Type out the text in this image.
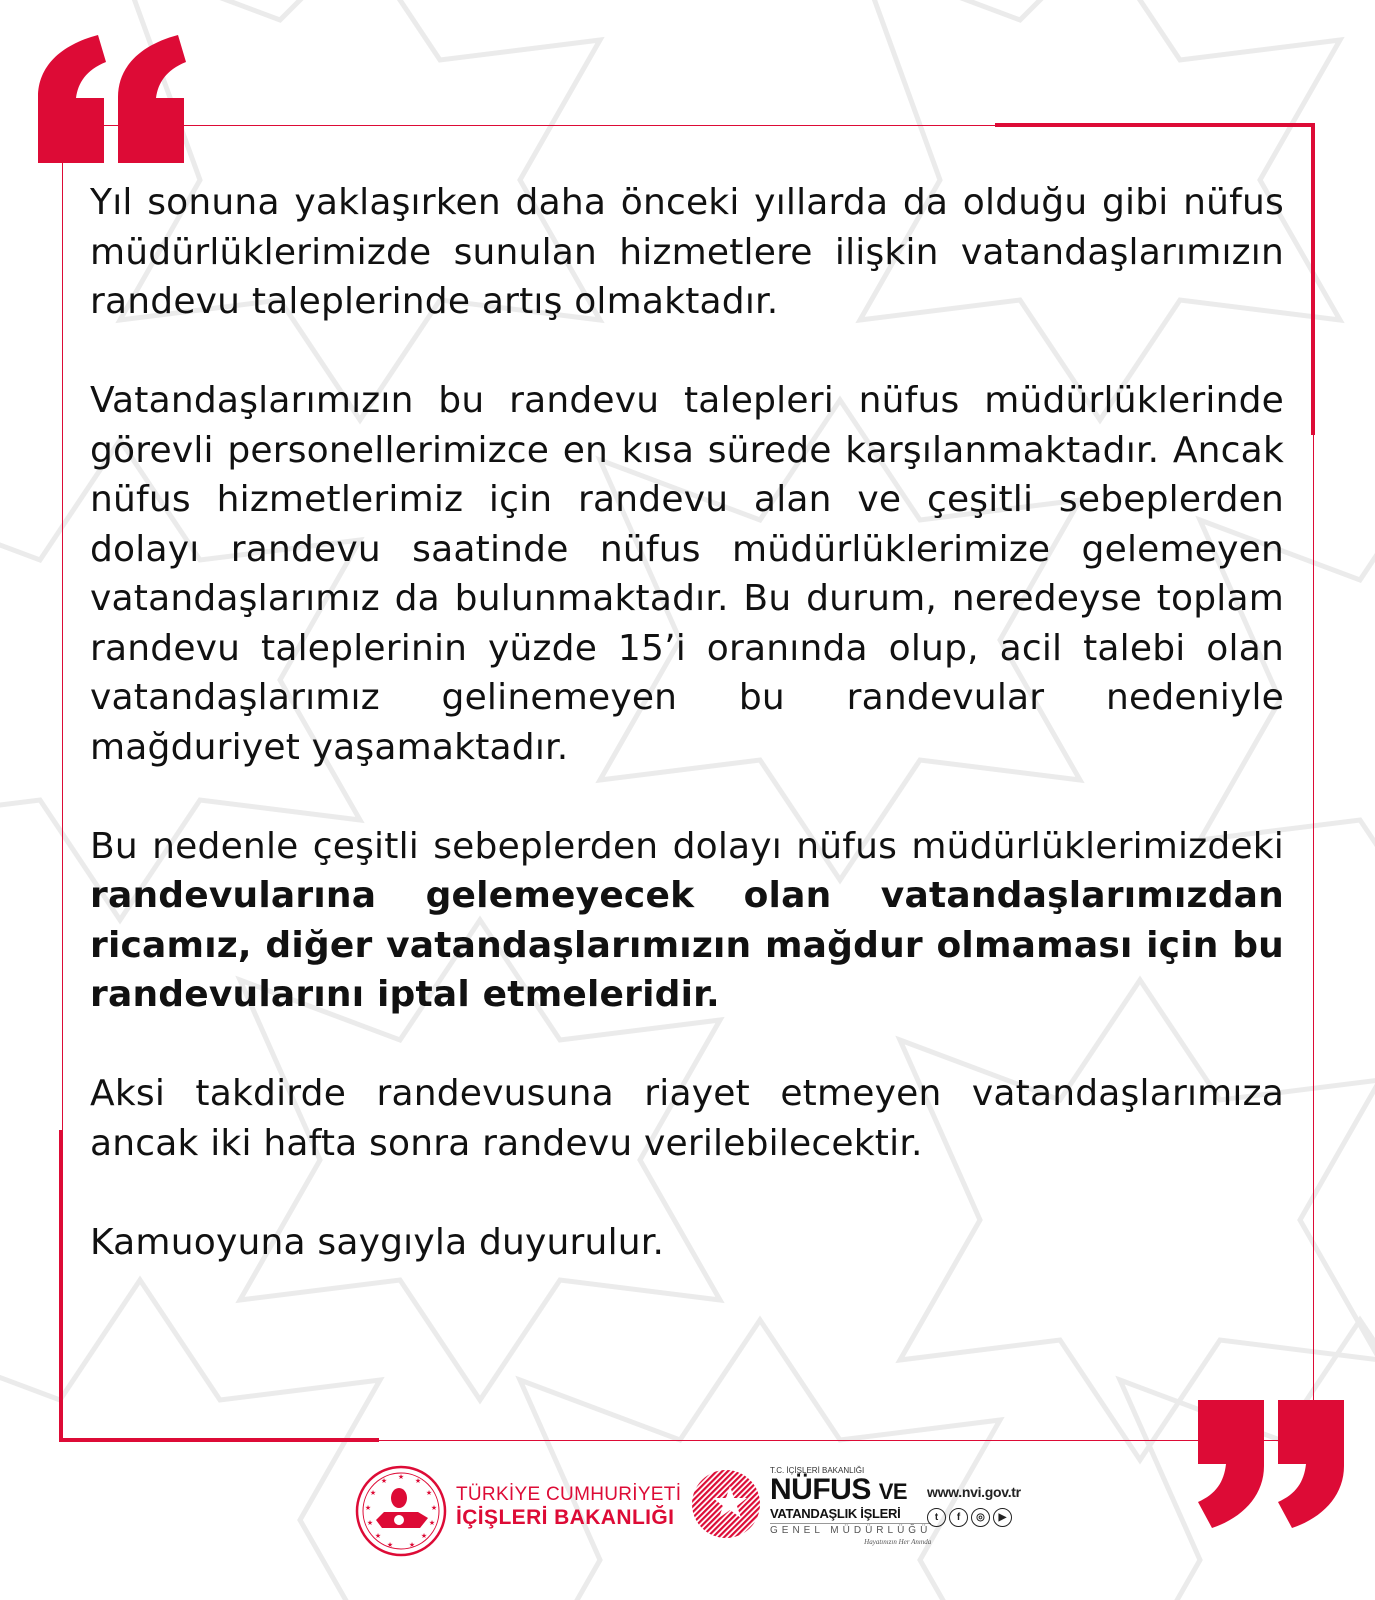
Yıl sonuna yaklaşırken daha önceki yıllarda da olduğu gibi nüfus müdürlüklerimizde sunulan hizmetlere ilişkin vatandaşlarımızın randevu taleplerinde artış olmaktadır.

Vatandaşlarımızın bu randevu talepleri nüfus müdürlüklerinde görevli personellerimizce en kısa sürede karşılanmaktadır. Ancak nüfus hizmetlerimiz için randevu alan ve çeşitli sebeplerden dolayı randevu saatinde nüfus müdürlüklerimize gelemeyen vatandaşlarımız da bulunmaktadır. Bu durum, neredeyse toplam randevu taleplerinin yüzde 15’i oranında olup, acil talebi olan vatandaşlarımız gelinemeyen bu randevular nedeniyle mağduriyet yaşamaktadır.

Bu nedenle çeşitli sebeplerden dolayı nüfus müdürlüklerimizdeki randevularına gelemeyecek olan vatandaşlarımızdan ricamız, diğer vatandaşlarımızın mağdur olmaması için bu randevularını iptal etmeleridir.

Aksi takdirde randevusuna riayet etmeyen vatandaşlarımıza ancak iki hafta sonra randevu verilebilecektir.

Kamuoyuna saygıyla duyurulur.

★
★	★
★	★
★	★
★	★
★	★
★ ★
TÜRKİYE CUMHURİYETİ
İÇİŞLERİ BAKANLIĞI
T.C. İÇİŞLERİ BAKANLIĞI
NÜFUS VE
VATANDAŞLIK İŞLERİ
GENEL MÜDÜRLÜĞÜ
Hayatınızın Her Anında
www.nvi.gov.tr
t	f	◎	▶
